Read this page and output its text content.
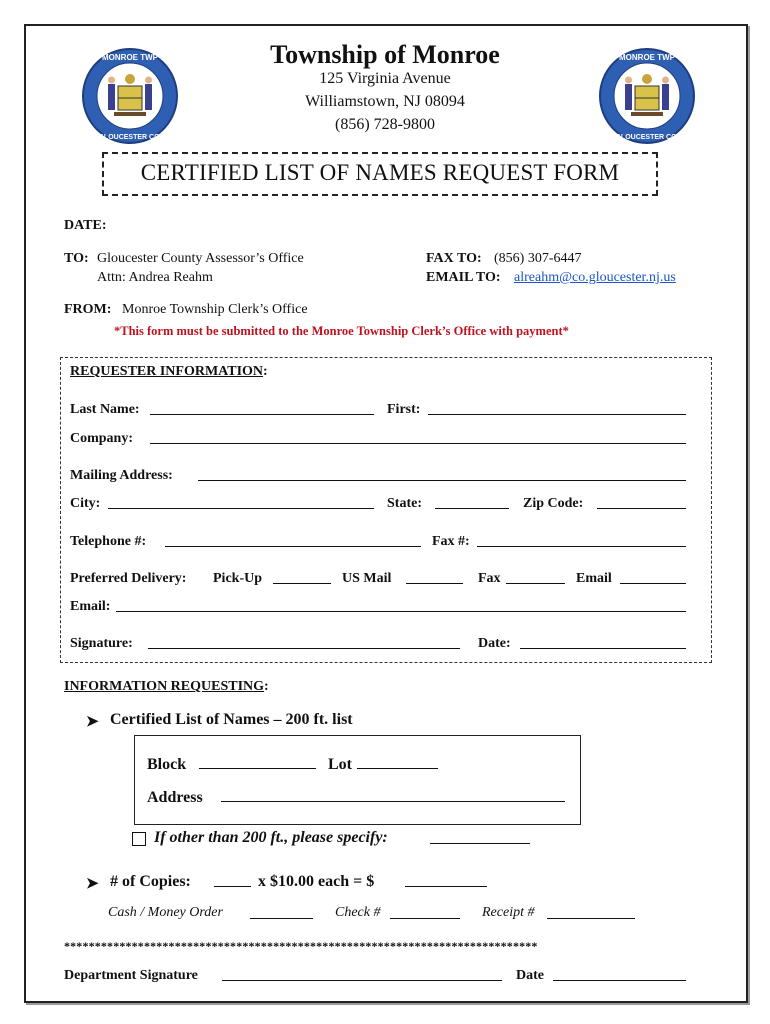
MONROE TWP
GLOUCESTER CO.
MONROE TWP
GLOUCESTER CO.
Township of Monroe
125 Virginia Avenue
Williamstown, NJ 08094
(856) 728-9800
CERTIFIED LIST OF NAMES REQUEST FORM
DATE:
TO: Gloucester County Assessor’s Office
Attn: Andrea Reahm
FAX TO: (856) 307-6447
EMAIL TO: alreahm@co.gloucester.nj.us
FROM: Monroe Township Clerk’s Office
*This form must be submitted to the Monroe Township Clerk’s Office with payment*
REQUESTER INFORMATION:
Last Name:	First:
Company:
Mailing Address:
City:	State:	Zip Code:
Telephone #:	Fax #:
Preferred Delivery: Pick-Up	US Mail	Fax	Email
Email:
Signature:	Date:
INFORMATION REQUESTING:
➤ Certified List of Names – 200 ft. list
Block	Lot
Address
If other than 200 ft., please specify:
➤ # of Copies:	x $10.00 each = $
Cash / Money Order	Check #	Receipt #
*****************************************************************************
Department Signature	Date
